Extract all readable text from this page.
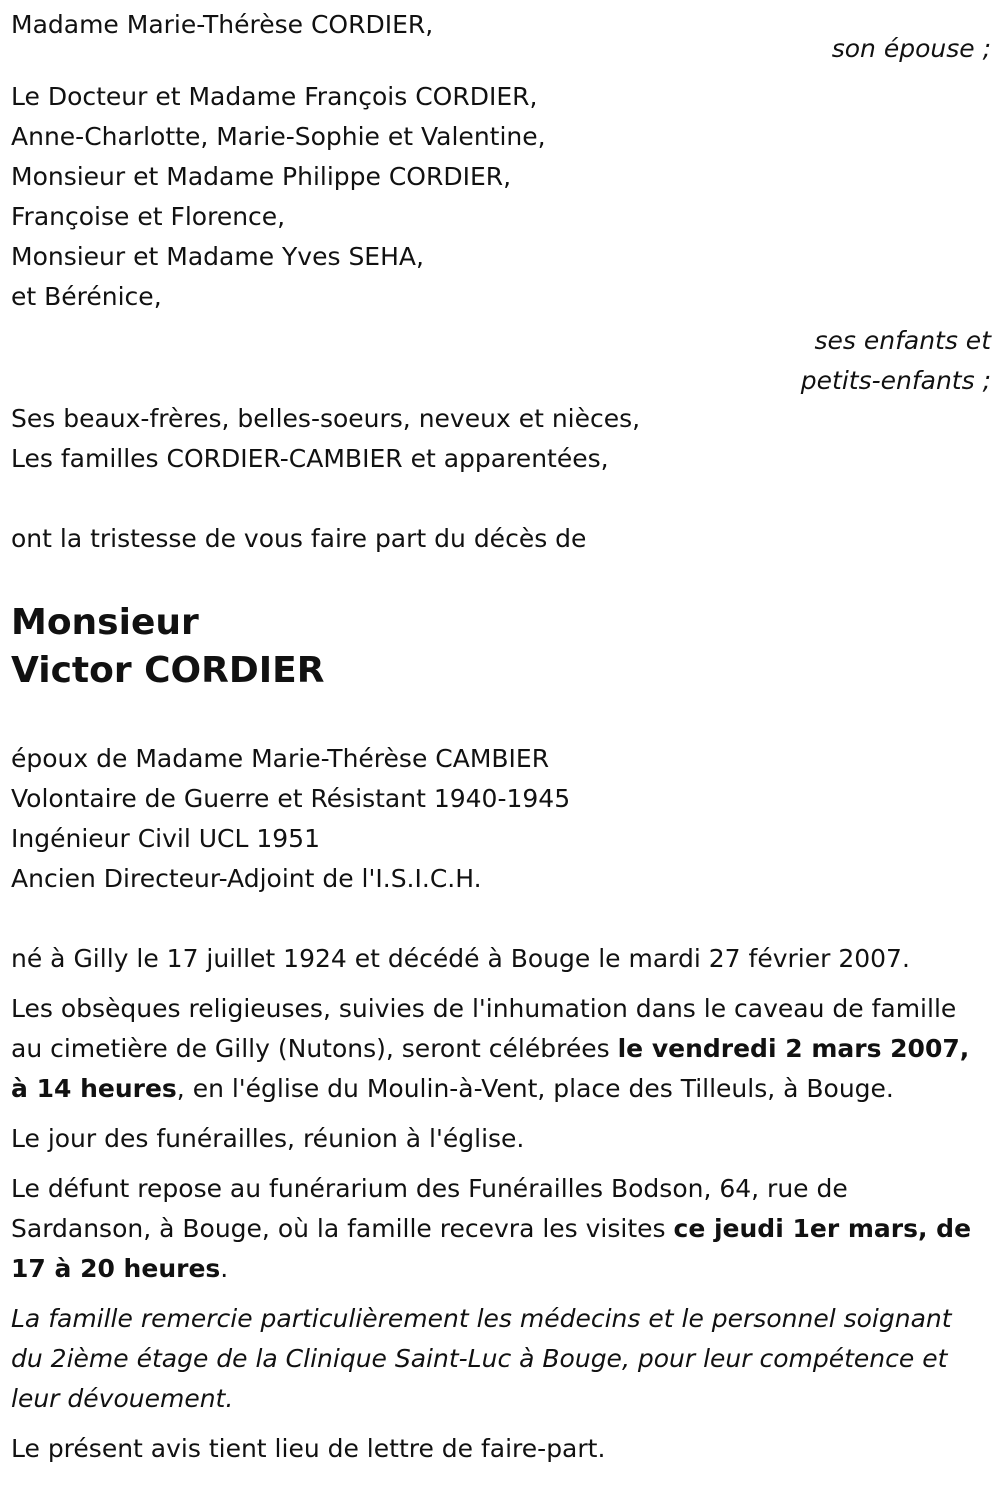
Madame Marie-Thérèse CORDIER,
son épouse ;
Le Docteur et Madame François CORDIER,
Anne-Charlotte, Marie-Sophie et Valentine,
Monsieur et Madame Philippe CORDIER,
Françoise et Florence,
Monsieur et Madame Yves SEHA,
et Bérénice,
ses enfants et
petits-enfants ;
Ses beaux-frères, belles-soeurs, neveux et nièces,
Les familles CORDIER-CAMBIER et apparentées,
ont la tristesse de vous faire part du décès de
Monsieur
Victor CORDIER
époux de Madame Marie-Thérèse CAMBIER
Volontaire de Guerre et Résistant 1940-1945
Ingénieur Civil UCL 1951
Ancien Directeur-Adjoint de l'I.S.I.C.H.
né à Gilly le 17 juillet 1924 et décédé à Bouge le mardi 27 février 2007.

Les obsèques religieuses, suivies de l'inhumation dans le caveau de famille au cimetière de Gilly (Nutons), seront célébrées le vendredi 2 mars 2007, à 14 heures, en l'église du Moulin-à-Vent, place des Tilleuls, à Bouge.

Le jour des funérailles, réunion à l'église.

Le défunt repose au funérarium des Funérailles Bodson, 64, rue de Sardanson, à Bouge, où la famille recevra les visites ce jeudi 1er mars, de 17 à 20 heures.

La famille remercie particulièrement les médecins et le personnel soignant du 2ième étage de la Clinique Saint-Luc à Bouge, pour leur compétence et leur dévouement.

Le présent avis tient lieu de lettre de faire-part.
